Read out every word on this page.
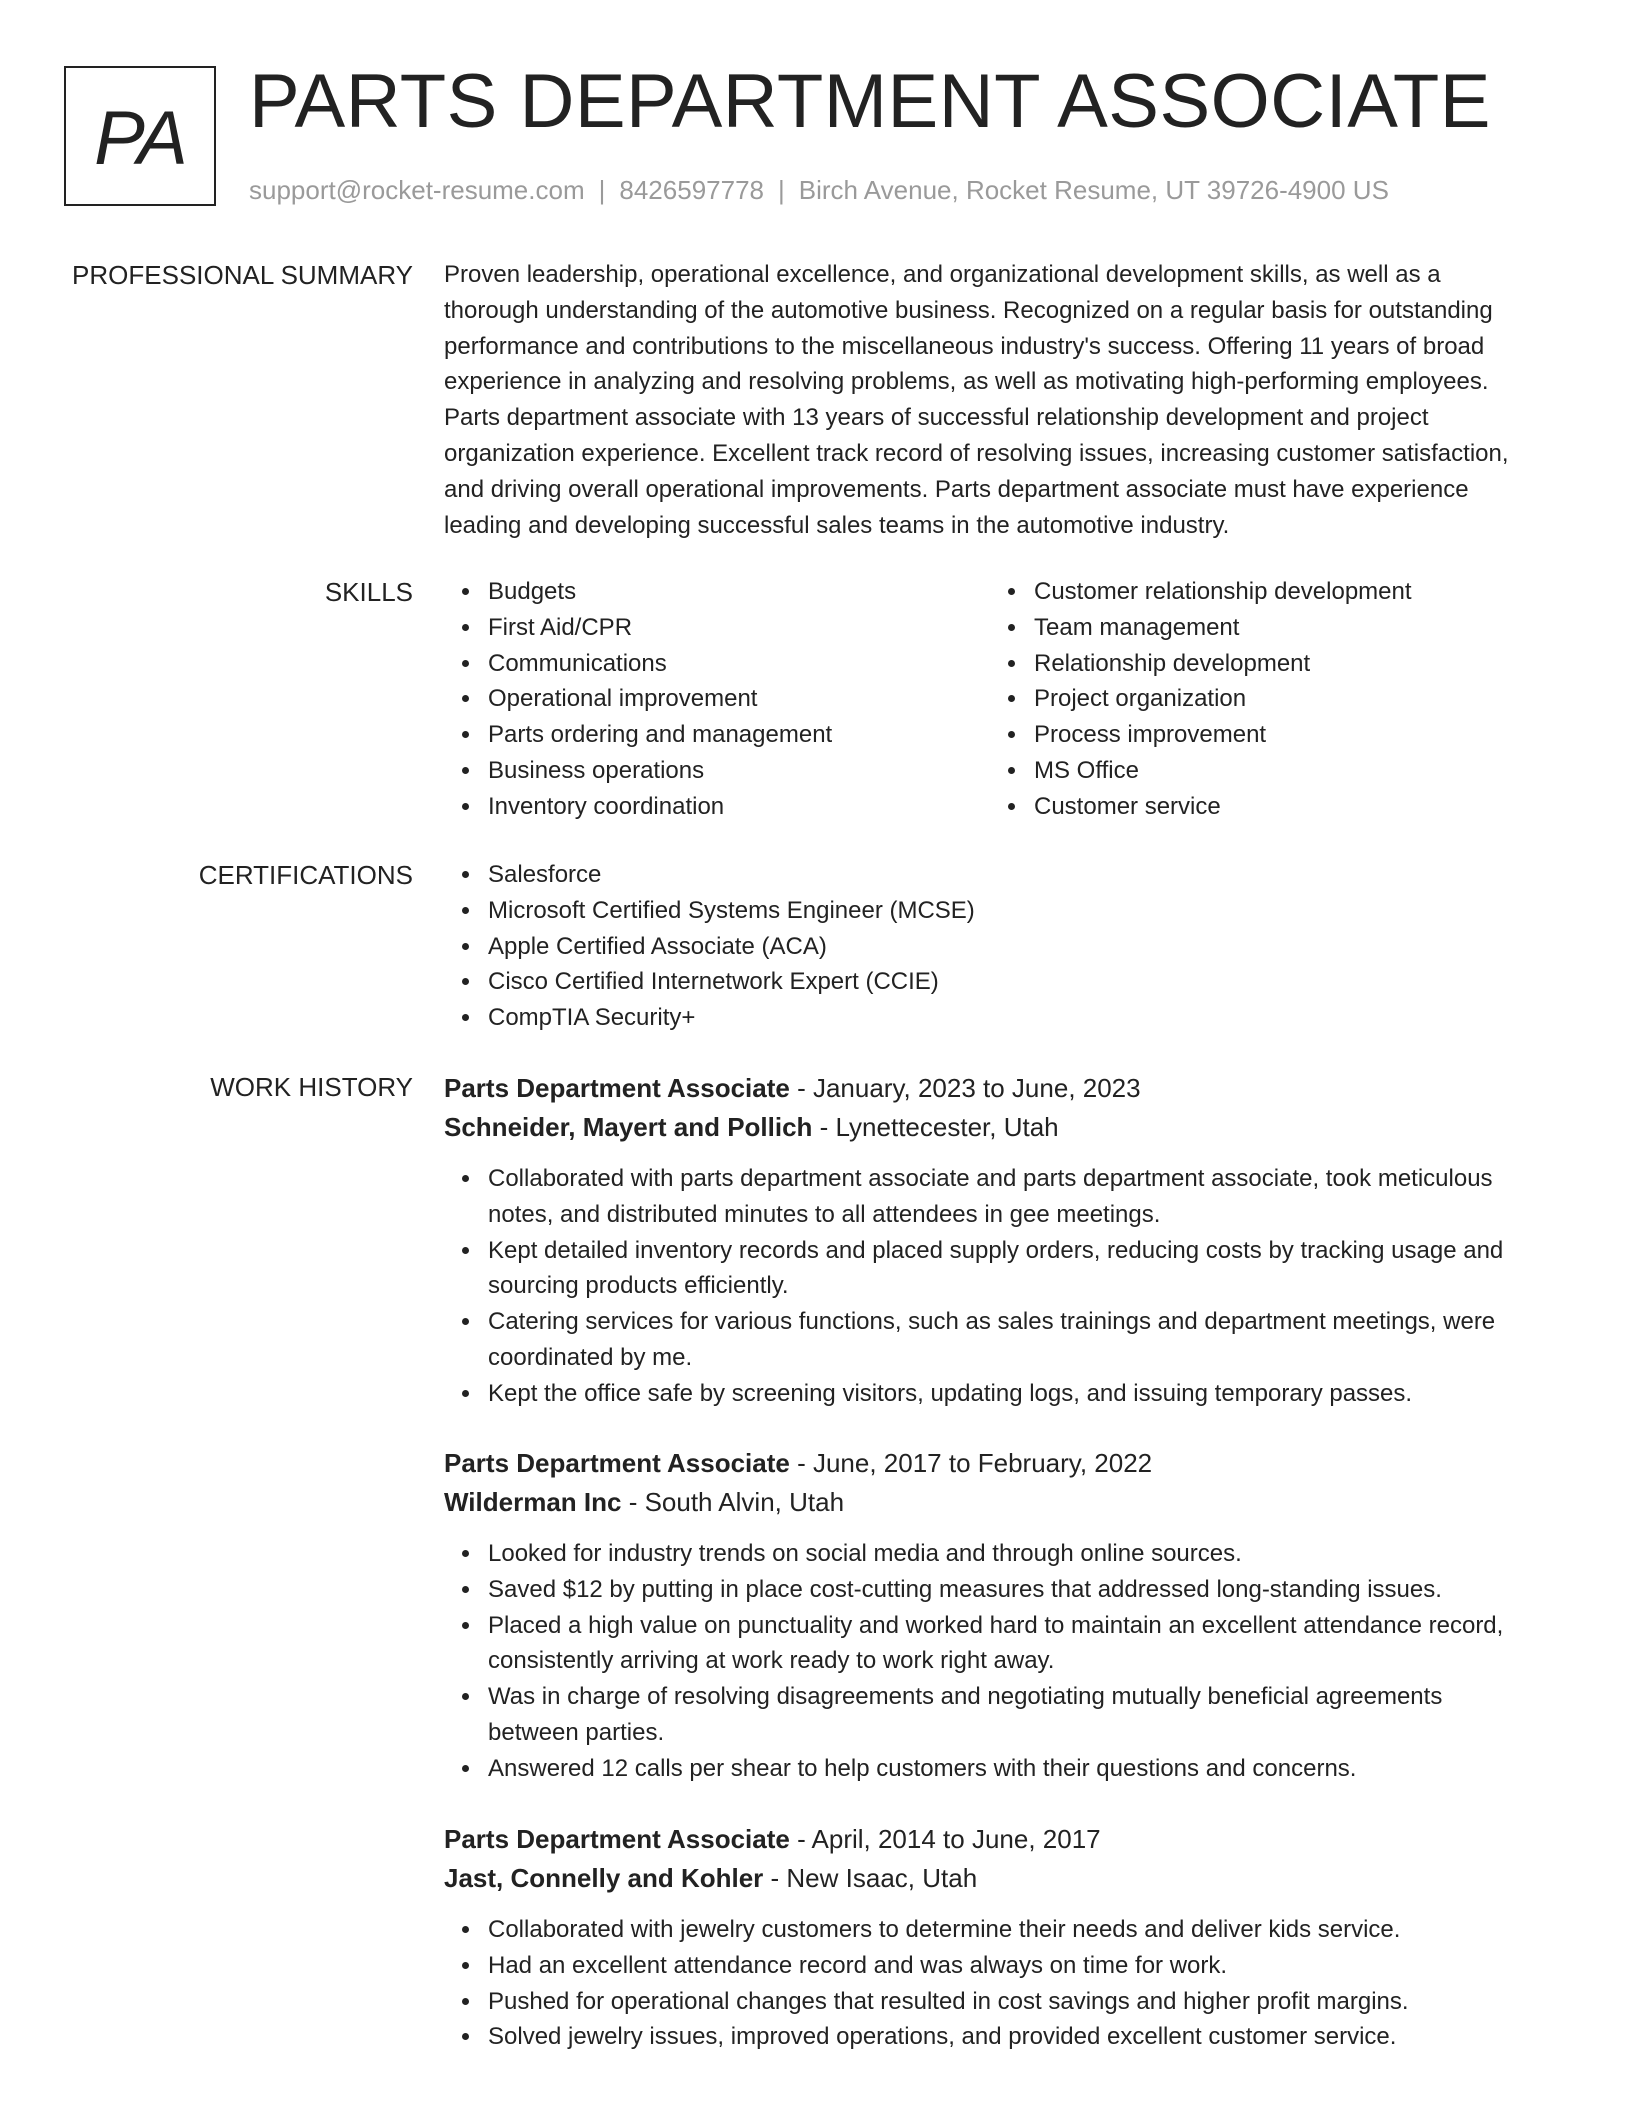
PA PARTS DEPARTMENT ASSOCIATE
support@rocket-resume.com | 8426597778 | Birch Avenue, Rocket Resume, UT 39726-4900 US
PROFESSIONAL SUMMARY Proven leadership, operational excellence, and organizational development skills, as well as a
thorough understanding of the automotive business. Recognized on a regular basis for outstanding
performance and contributions to the miscellaneous industry's success. Offering 11 years of broad
experience in analyzing and resolving problems, as well as motivating high-performing employees.
Parts department associate with 13 years of successful relationship development and project
organization experience. Excellent track record of resolving issues, increasing customer satisfaction,
and driving overall operational improvements. Parts department associate must have experience
leading and developing successful sales teams in the automotive industry.

SKILLS	Budgets
First Aid/CPR
Communications
Operational improvement
Parts ordering and management
Business operations
Inventory coordination
Customer relationship development
Team management
Relationship development
Project organization
Process improvement
MS Office
Customer service
CERTIFICATIONS	Salesforce
Microsoft Certified Systems Engineer (MCSE)
Apple Certified Associate (ACA)
Cisco Certified Internetwork Expert (CCIE)
CompTIA Security+
WORK HISTORY Parts Department Associate - January, 2023 to June, 2023
Schneider, Mayert and Pollich - Lynettecester, Utah
Collaborated with parts department associate and parts department associate, took meticulous
notes, and distributed minutes to all attendees in gee meetings.
Kept detailed inventory records and placed supply orders, reducing costs by tracking usage and
sourcing products efficiently.
Catering services for various functions, such as sales trainings and department meetings, were
coordinated by me.
Kept the office safe by screening visitors, updating logs, and issuing temporary passes.
Parts Department Associate - June, 2017 to February, 2022
Wilderman Inc - South Alvin, Utah
Looked for industry trends on social media and through online sources.
Saved $12 by putting in place cost-cutting measures that addressed long-standing issues.
Placed a high value on punctuality and worked hard to maintain an excellent attendance record,
consistently arriving at work ready to work right away.
Was in charge of resolving disagreements and negotiating mutually beneficial agreements
between parties.
Answered 12 calls per shear to help customers with their questions and concerns.
Parts Department Associate - April, 2014 to June, 2017
Jast, Connelly and Kohler - New Isaac, Utah
Collaborated with jewelry customers to determine their needs and deliver kids service.
Had an excellent attendance record and was always on time for work.
Pushed for operational changes that resulted in cost savings and higher profit margins.
Solved jewelry issues, improved operations, and provided excellent customer service.
